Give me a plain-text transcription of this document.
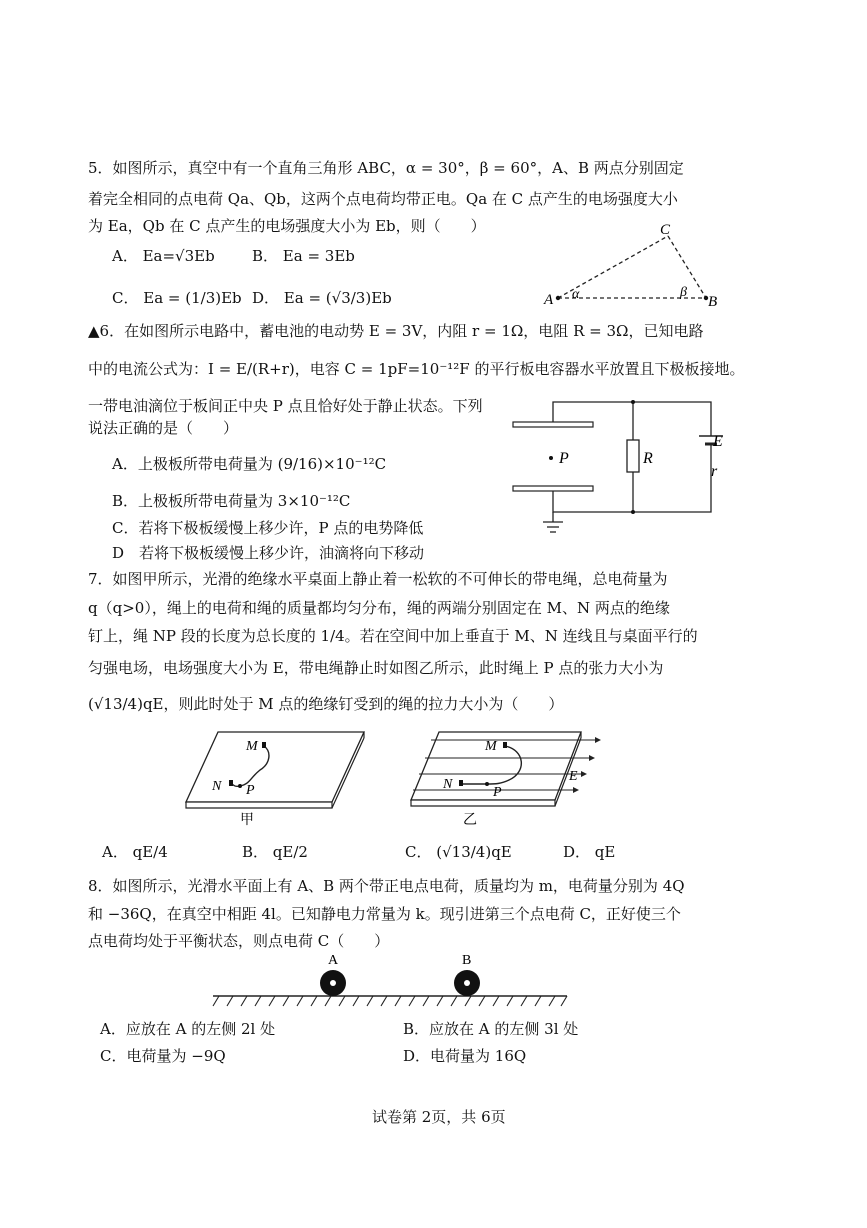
5．如图所示，真空中有一个直角三角形 ABC，α = 30°，β = 60°，A、B 两点分别固定
着完全相同的点电荷 Qa、Qb，这两个点电荷均带正电。Qa 在 C 点产生的电场强度大小
为 Ea，Qb 在 C 点产生的电场强度大小为 Eb，则（　　）
A． Ea=√3Eb B． Ea = 3Eb
C． Ea = (1/3)Eb D． Ea = (√3/3)Eb	A	B
C
α	β
▲6．在如图所示电路中，蓄电池的电动势 E = 3V，内阻 r = 1Ω，电阻 R = 3Ω，已知电路
中的电流公式为：I = E/(R+r)，电容 C = 1pF=10⁻¹²F 的平行板电容器水平放置且下极板接地。
一带电油滴位于板间正中央 P 点且恰好处于静止状态。下列
说法正确的是（　　）
A．上极板所带电荷量为 (9/16)×10⁻¹²C
B．上极板所带电荷量为 3×10⁻¹²C
C．若将下极板缓慢上移少许，P 点的电势降低
D　若将下极板缓慢上移少许，油滴将向下移动
P	R
E
r
7．如图甲所示，光滑的绝缘水平桌面上静止着一松软的不可伸长的带电绳，总电荷量为
q（q>0），绳上的电荷和绳的质量都均匀分布，绳的两端分别固定在 M、N 两点的绝缘
钉上，绳 NP 段的长度为总长度的 1/4。若在空间中加上垂直于 M、N 连线且与桌面平行的
匀强电场，电场强度大小为 E，带电绳静止时如图乙所示，此时绳上 P 点的张力大小为
(√13/4)qE，则此时处于 M 点的绝缘钉受到的绳的拉力大小为（　　）
M
N P
甲
M
N
P
E
乙
A． qE/4	B． qE/2	C． (√13/4)qE	D． qE
8．如图所示，光滑水平面上有 A、B 两个带正电点电荷，质量均为 m，电荷量分别为 4Q
和 −36Q，在真空中相距 4l。已知静电力常量为 k。现引进第三个点电荷 C，正好使三个
点电荷均处于平衡状态，则点电荷 C（　　）
A	B
A．应放在 A 的左侧 2l 处	B．应放在 A 的左侧 3l 处
C．电荷量为 −9Q	D．电荷量为 16Q
试卷第 2页，共 6页
